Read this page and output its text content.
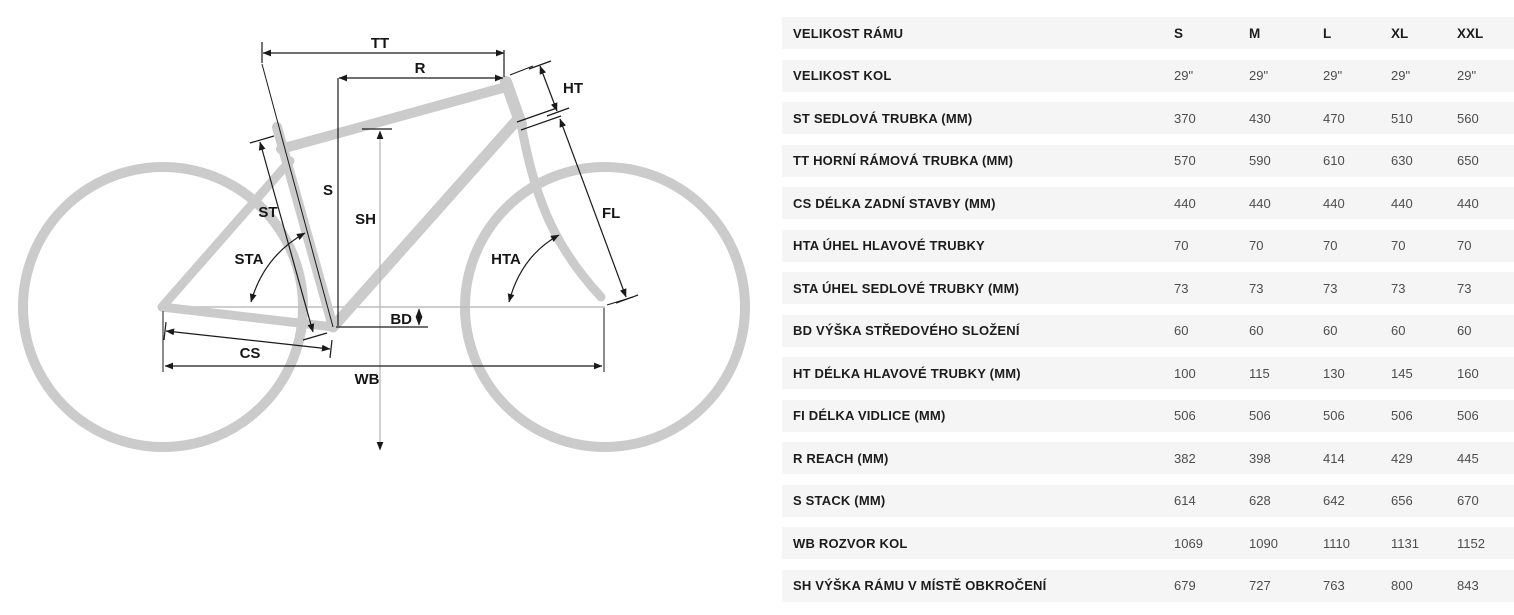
TT
R
HT
S
SH
ST
STA	HTA
FL
BD
CS
WB
VELIKOST RÁMU	S	M	L	XL	XXL
VELIKOST KOL	29"	29"	29"	29"	29"
ST SEDLOVÁ TRUBKA (MM)	370	430	470	510	560
TT HORNÍ RÁMOVÁ TRUBKA (MM)	570	590	610	630	650
CS DÉLKA ZADNÍ STAVBY (MM)	440	440	440	440	440
HTA ÚHEL HLAVOVÉ TRUBKY	70	70	70	70	70
STA ÚHEL SEDLOVÉ TRUBKY (MM)	73	73	73	73	73
BD VÝŠKA STŘEDOVÉHO SLOŽENÍ	60	60	60	60	60
HT DÉLKA HLAVOVÉ TRUBKY (MM)	100	115	130	145	160
FI DÉLKA VIDLICE (MM)	506	506	506	506	506
R REACH (MM)	382	398	414	429	445
S STACK (MM)	614	628	642	656	670
WB ROZVOR KOL	1069	1090	1110	1131	1152
SH VÝŠKA RÁMU V MÍSTĚ OBKROČENÍ	679	727	763	800	843
